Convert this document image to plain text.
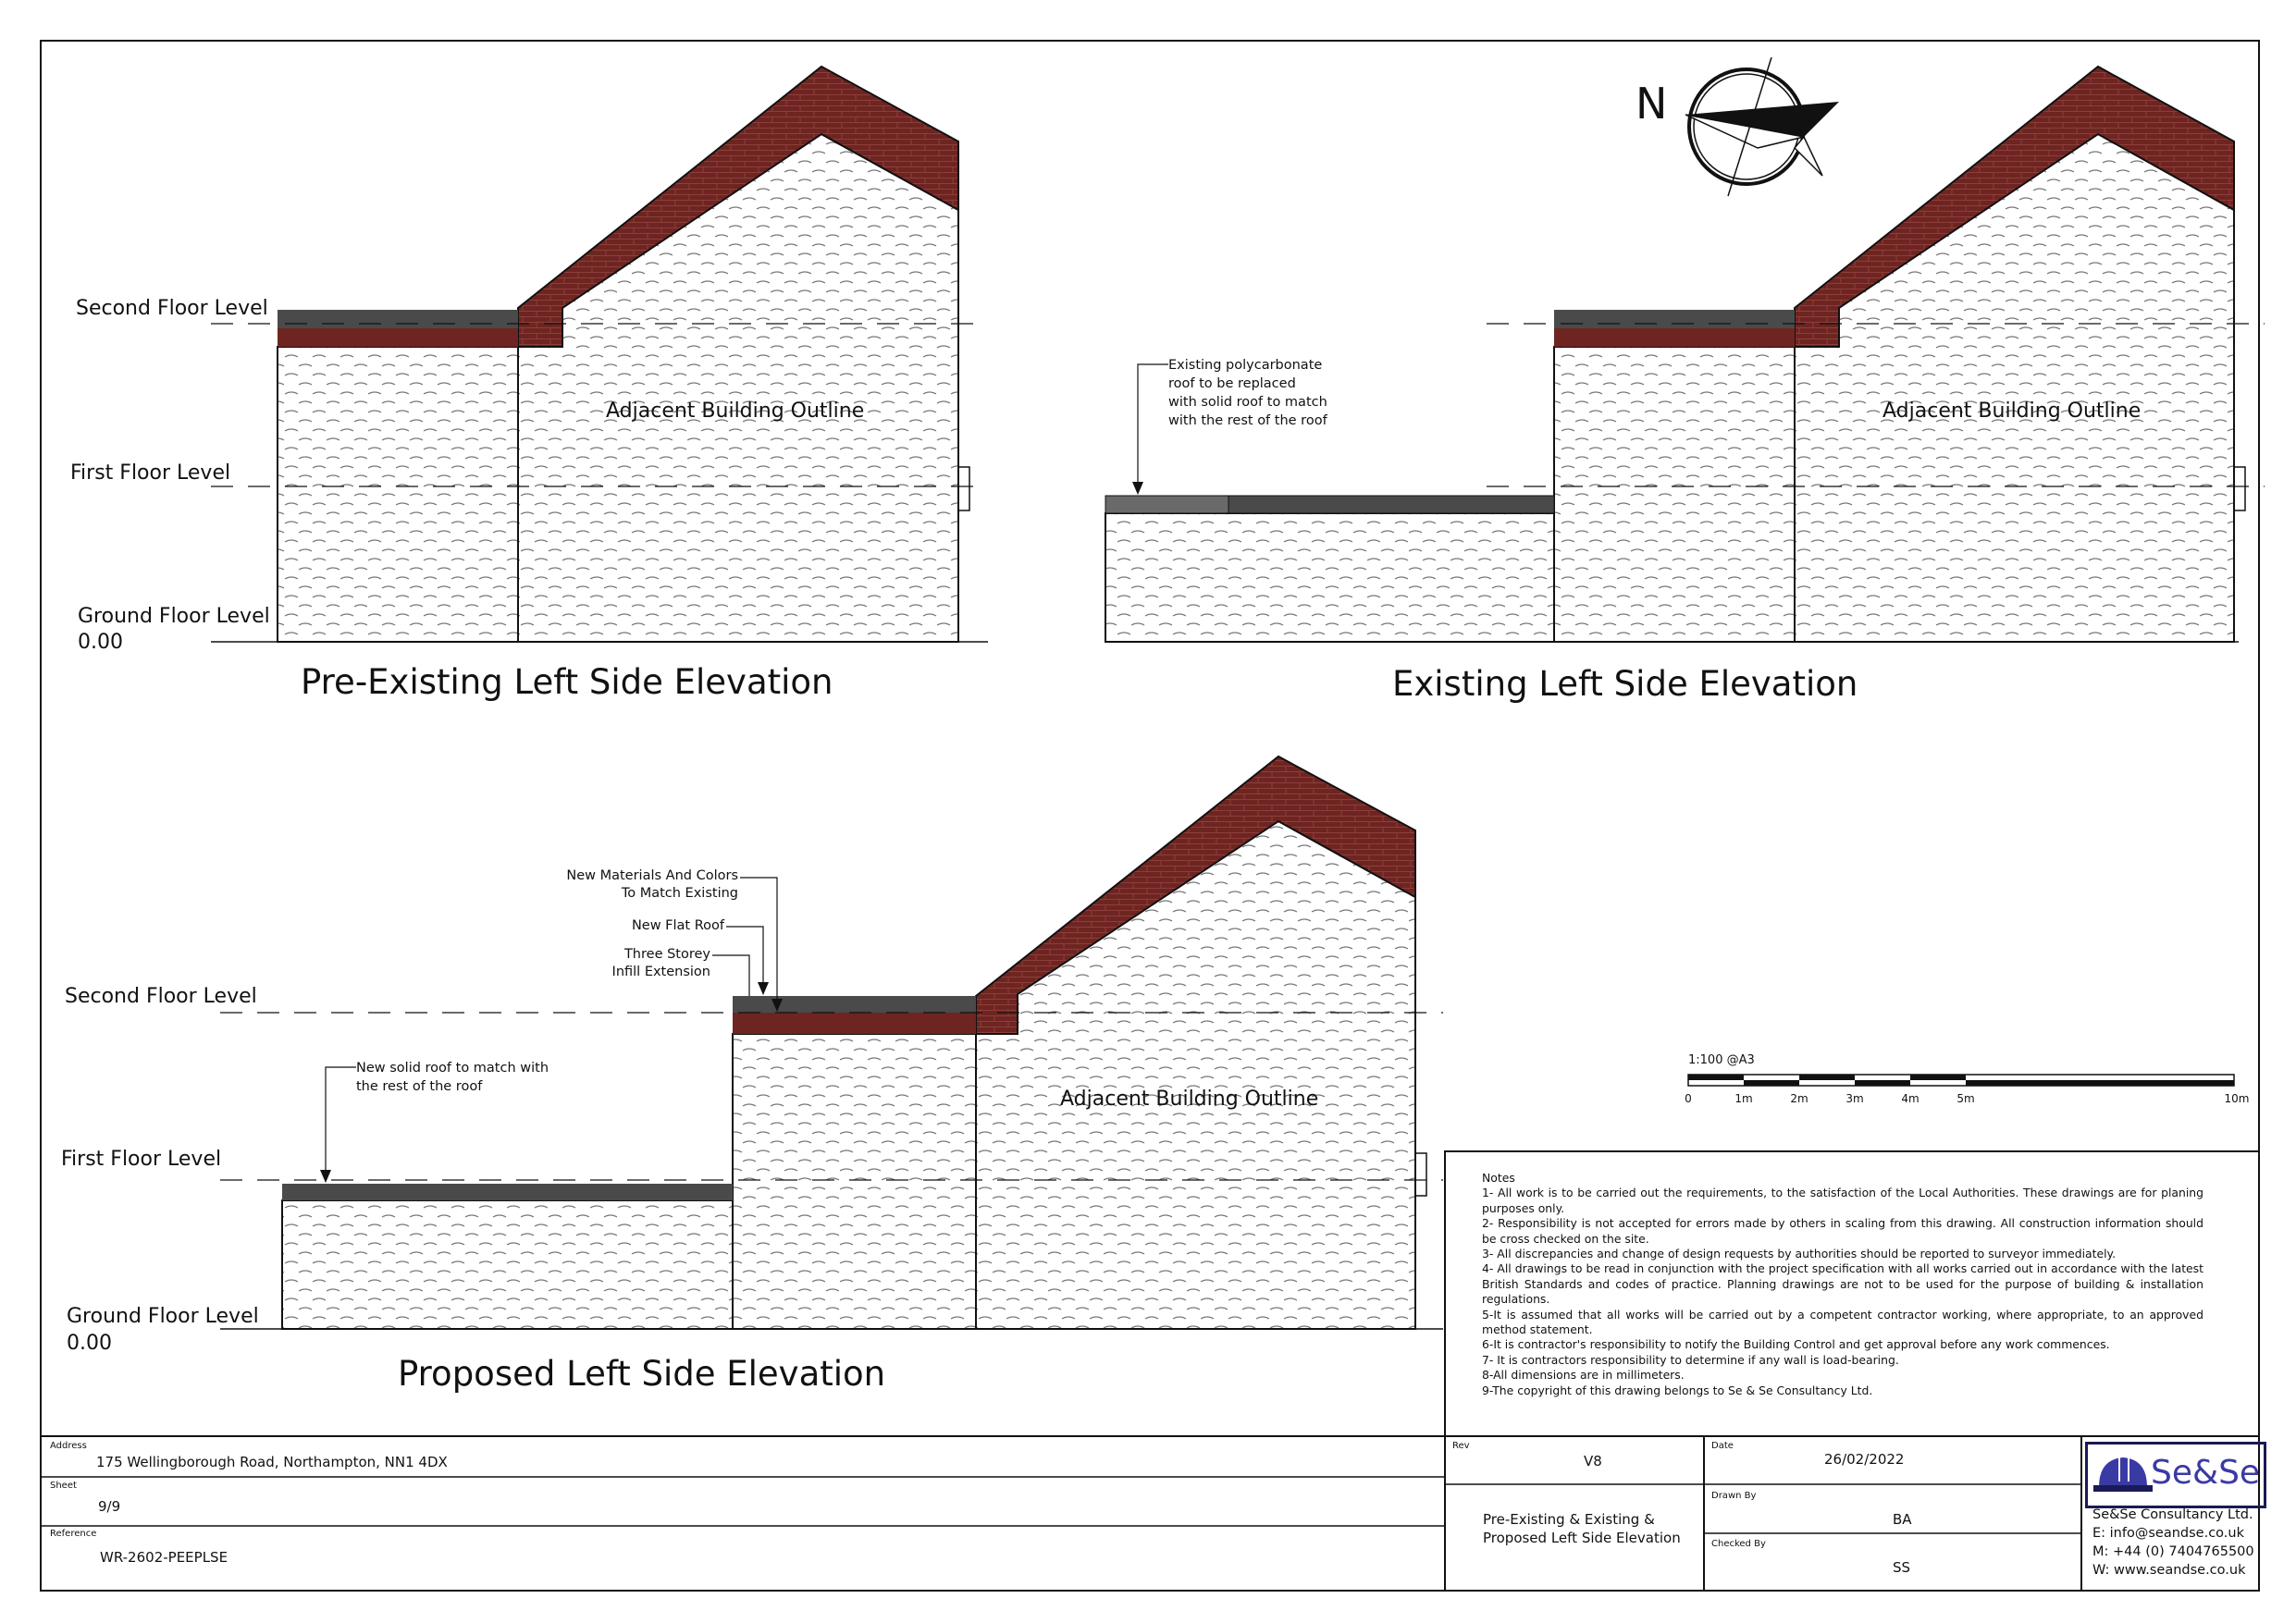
Second Floor Level
First Floor Level
Ground Floor Level
0.00
Adjacent Building Outline
Pre-Existing Left Side Elevation
Existing polycarbonate
roof to be replaced
with solid roof to match
with the rest of the roof	Adjacent Building Outline
Existing Left Side Elevation
N
New Materials And Colors
To Match Existing
New Flat Roof
Three Storey
Infill Extension
New solid roof to match with
the rest of the roof
Second Floor Level
First Floor Level
Ground Floor Level
0.00
Adjacent Building Outline
Proposed Left Side Elevation
1:100 @A3
0	1m	2m	3m	4m	5m	10m
Notes
1- All work is to be carried out the requirements, to the satisfaction of the Local Authorities. These drawings are for planing purposes only.
2- Responsibility is not accepted for errors made by others in scaling from this drawing. All construction information should be cross checked on the site.
3- All discrepancies and change of design requests by authorities should be reported to surveyor immediately.
4- All drawings to be read in conjunction with the project specification with all works carried out in accordance with the latest British Standards and codes of practice. Planning drawings are not to be used for the purpose of building & installation regulations.
5-It is assumed that all works will be carried out by a competent contractor working, where appropriate, to an approved method statement.
6-It is contractor's responsibility to notify the Building Control and get approval before any work commences.
7- It is contractors responsibility to determine if any wall is load-bearing.
8-All dimensions are in millimeters.
9-The copyright of this drawing belongs to Se & Se Consultancy Ltd.
Address
175 Wellingborough Road, Northampton, NN1 4DX
Sheet
9/9
Reference
WR-2602-PEEPLSE
Rev
V8
Pre-Existing & Existing &
Proposed Left Side Elevation
Date
26/02/2022
Drawn By
BA
Checked By
SS
Se&Se
Se&Se Consultancy Ltd.
E: info@seandse.co.uk
M: +44 (0) 7404765500
W: www.seandse.co.uk
